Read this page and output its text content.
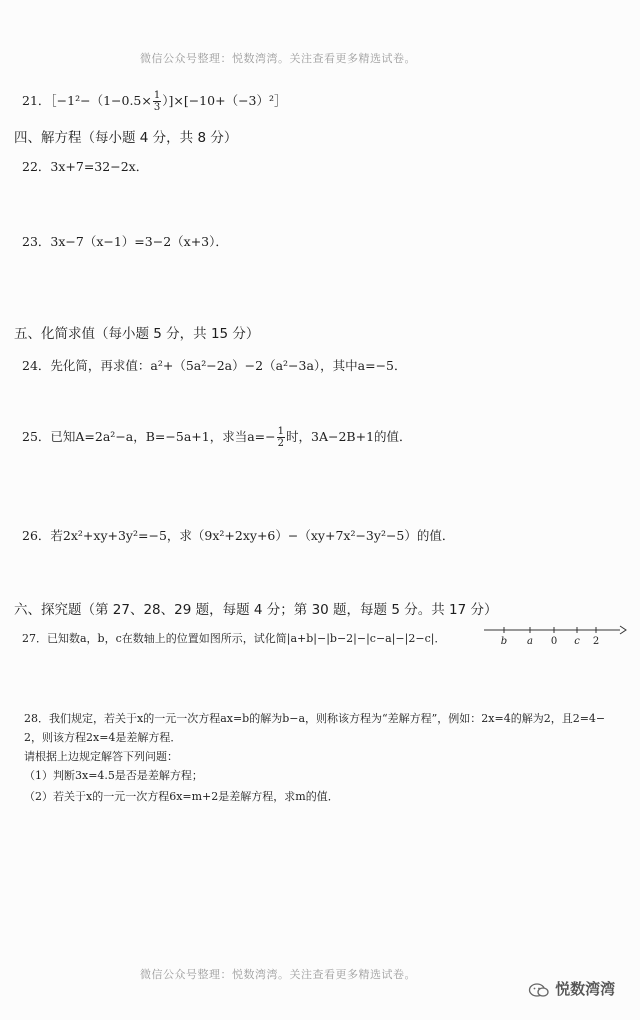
微信公众号整理：悦数湾湾。关注查看更多精选试卷。
21．［−1²−（1−0.5× $\frac{1}{3}$ ）]×[−10+（−3）²］
四、解方程（每小题 4 分，共 8 分）
22．3x+7=32−2x．
23．3x−7（x−1）=3−2（x+3）．
五、化简求值（每小题 5 分，共 15 分）
24．先化简，再求值：a²+（5a²−2a）−2（a²−3a），其中a=−5．
25．已知A=2a²−a，B=−5a+1，求当$a=- \frac{1}{2}$ 时，3A−2B+1的值．
26．若2x²+xy+3y²=−5，求（9x²+2xy+6）−（xy+7x²−3y²−5）的值．
六、探究题（第 27、28、29 题，每题 4 分；第 30 题，每题 5 分。共 17 分）
27．已知数a，b，c在数轴上的位置如图所示，试化简|a+b|−|b−2|−|c−a|−|2−c|．	b a 0 c 2
28．我们规定，若关于x的一元一次方程ax=b的解为b−a，则称该方程为“差解方程”，例如：2x=4的解为2，且2=4−
2，则该方程2x=4是差解方程．
请根据上边规定解答下列问题：
（1）判断3x=4.5是否是差解方程；
（2）若关于x的一元一次方程6x=m+2是差解方程，求m的值．
微信公众号整理：悦数湾湾。关注查看更多精选试卷。
悦数湾湾
